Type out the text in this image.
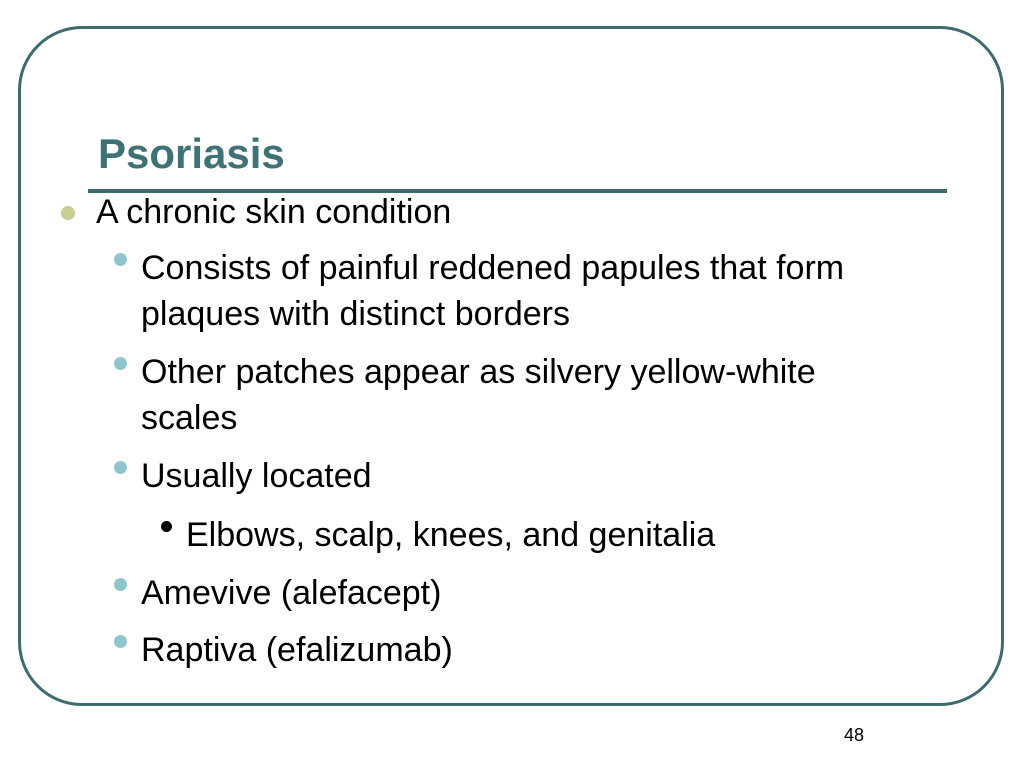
Psoriasis
A chronic skin condition
Consists of painful reddened papules that form
plaques with distinct borders
Other patches appear as silvery yellow-white
scales
Usually located
Elbows, scalp, knees, and genitalia
Amevive (alefacept)
Raptiva (efalizumab)
48
